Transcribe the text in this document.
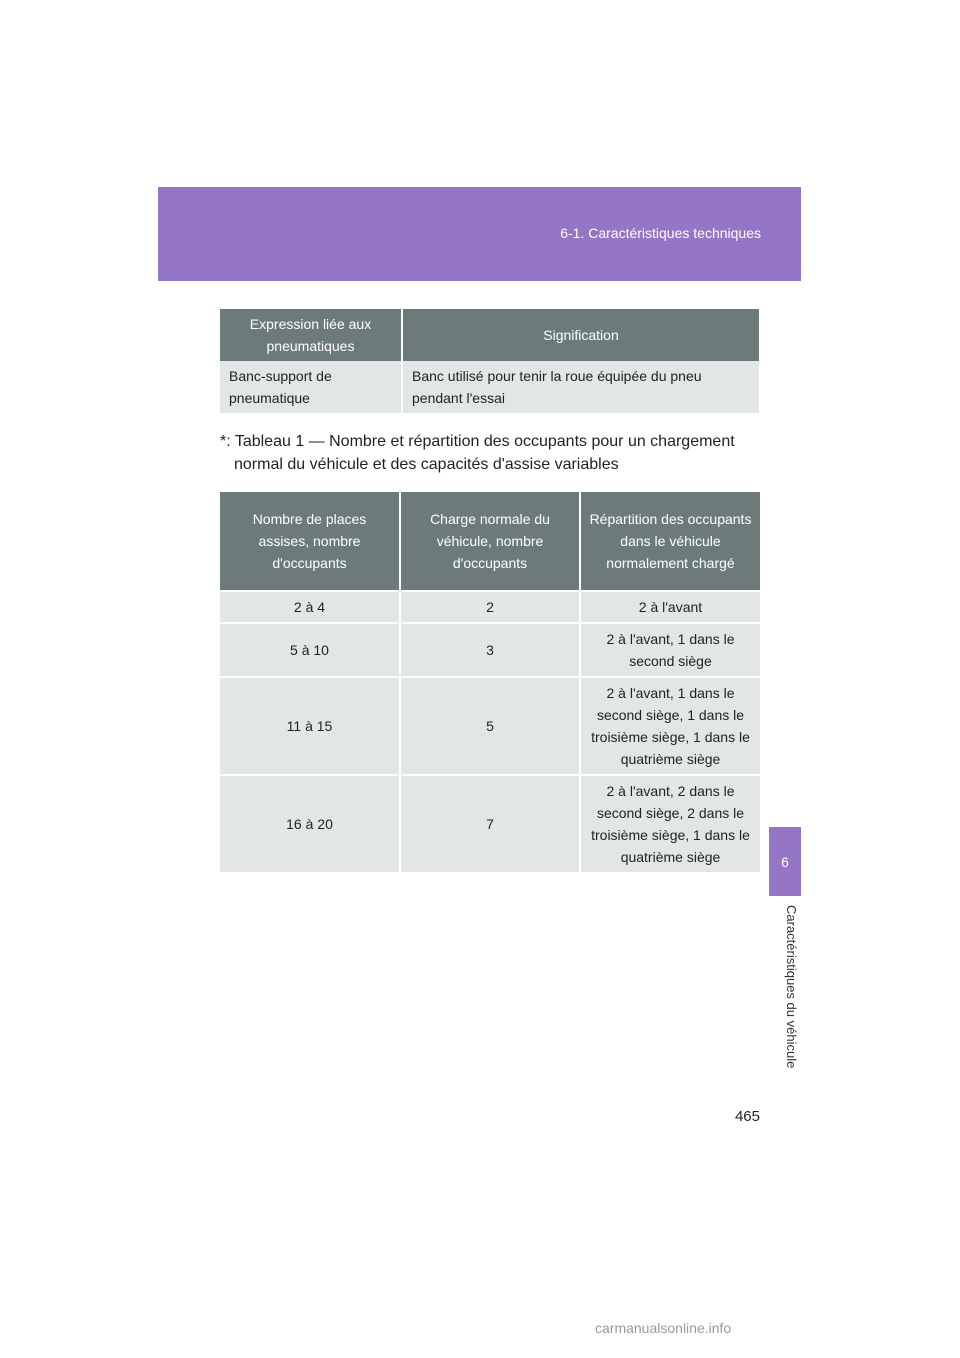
6-1. Caractéristiques techniques
6
Caractéristiques du véhicule
Expression liée aux pneumatiques	Signification
Banc-support de pneumatique	Banc utilisé pour tenir la roue équipée du pneu pendant l'essai
*: Tableau 1 — Nombre et répartition des occupants pour un chargement
normal du véhicule et des capacités d'assise variables
Nombre de places assises, nombre d'occupants	Charge normale du véhicule, nombre d'occupants	Répartition des occupants dans le véhicule normalement chargé
2 à 4	2	2 à l'avant
5 à 10	3	2 à l'avant, 1 dans le second siège
11 à 15	5	2 à l'avant, 1 dans le second siège, 1 dans le troisième siège, 1 dans le quatrième siège
16 à 20	7	2 à l'avant, 2 dans le second siège, 2 dans le troisième siège, 1 dans le quatrième siège
465
carmanualsonline.info
